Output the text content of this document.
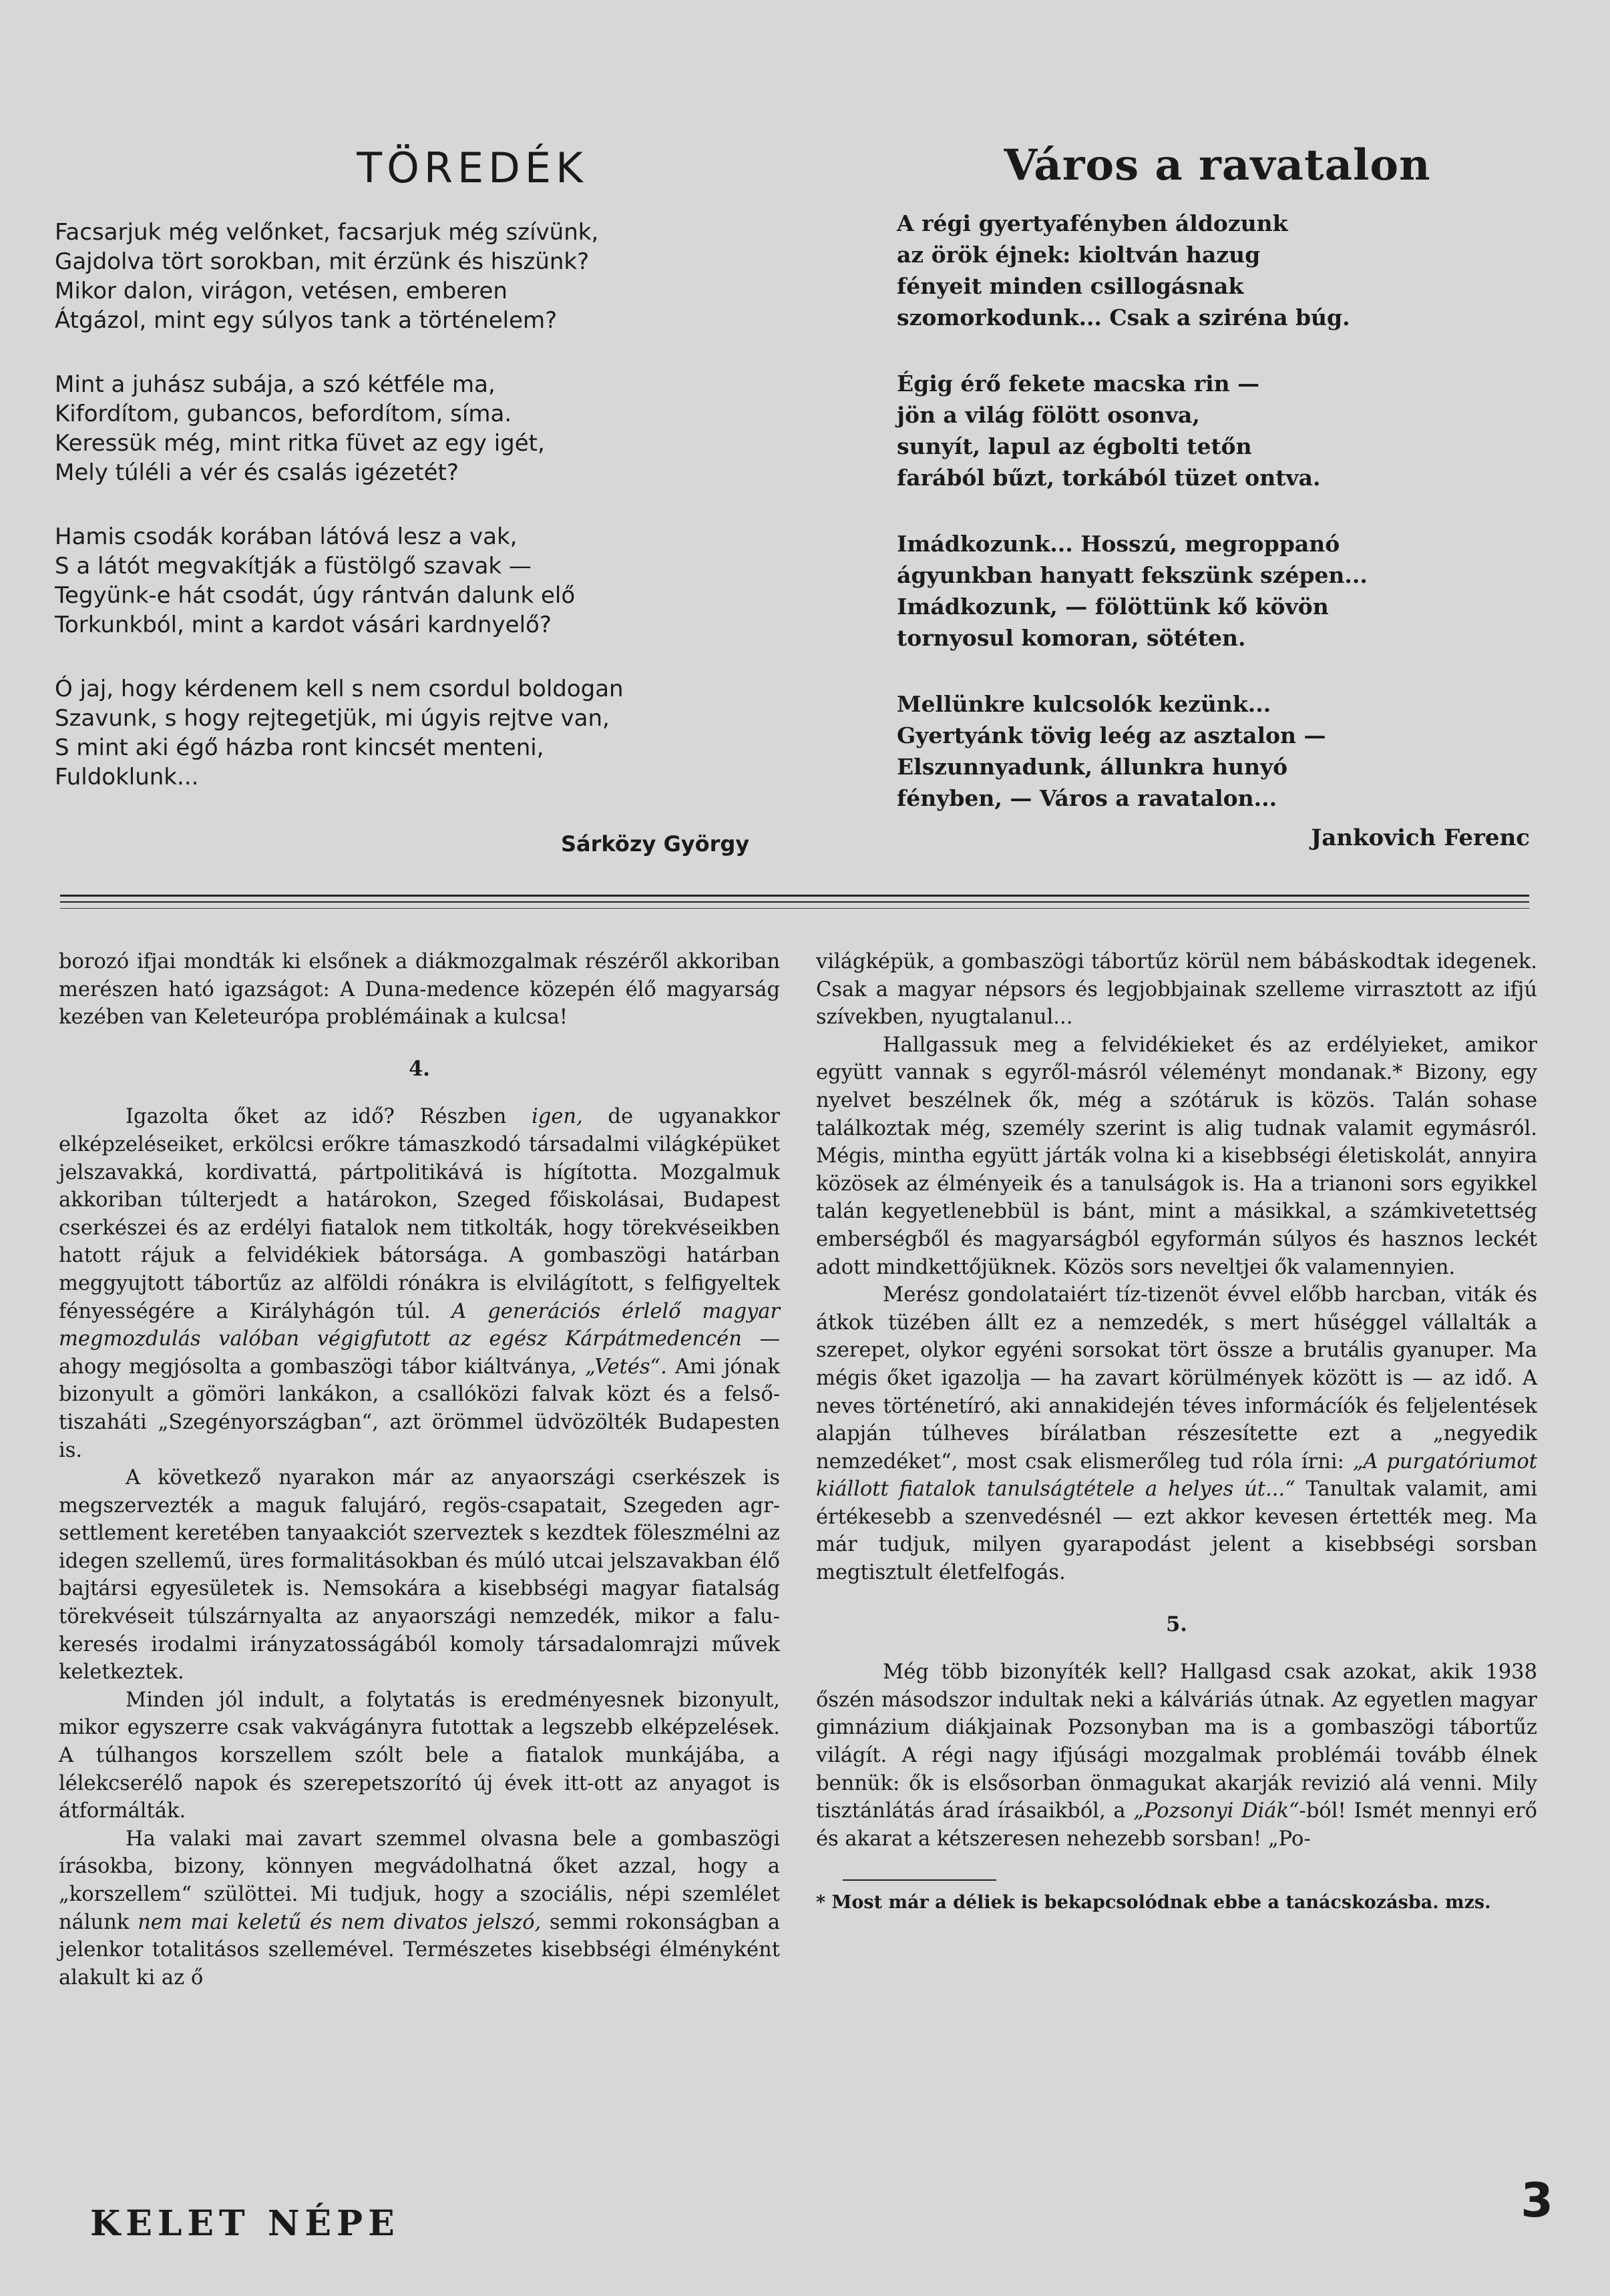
TÖREDÉK
Facsarjuk még velőnket, facsarjuk még szívünk,
Gajdolva tört sorokban, mit érzünk és hiszünk?
Mikor dalon, virágon, vetésen, emberen
Átgázol, mint egy súlyos tank a történelem?
Mint a juhász subája, a szó kétféle ma,
Kifordítom, gubancos, befordítom, síma.
Keressük még, mint ritka füvet az egy igét,
Mely túléli a vér és csalás igézetét?
Hamis csodák korában látóvá lesz a vak,
S a látót megvakítják a füstölgő szavak —
Tegyünk-e hát csodát, úgy rántván dalunk elő
Torkunkból, mint a kardot vásári kardnyelő?
Ó jaj, hogy kérdenem kell s nem csordul boldogan
Szavunk, s hogy rejtegetjük, mi úgyis rejtve van,
S mint aki égő házba ront kincsét menteni,
Fuldoklunk...
Sárközy György
Város a ravatalon
A régi gyertyafényben áldozunk
az örök éjnek: kioltván hazug
fényeit minden csillogásnak
szomorkodunk... Csak a sziréna búg.
Égig érő fekete macska rin —
jön a világ fölött osonva,
sunyít, lapul az égbolti tetőn
farából bűzt, torkából tüzet ontva.
Imádkozunk... Hosszú, megroppanó
ágyunkban hanyatt fekszünk szépen...
Imádkozunk, — fölöttünk kő kövön
tornyosul komoran, sötéten.
Mellünkre kulcsolók kezünk...
Gyertyánk tövig leég az asztalon —
Elszunnyadunk, állunkra hunyó
fényben, — Város a ravatalon...
Jankovich Ferenc

borozó ifjai mondták ki elsőnek a diákmozgalmak részéről akkoriban merészen ható igazságot: A Duna-medence közepén élő magyarság kezében van Keleteurópa problémáinak a kulcsa!

4.

Igazolta őket az idő? Részben igen, de ugyanakkor elképzeléseiket, erkölcsi erőkre támaszkodó társadalmi világképüket jelszavakká, kordivattá, pártpolitikává is hígította. Mozgalmuk akkoriban túlterjedt a határokon, Szeged főiskolásai, Budapest cserkészei és az erdélyi fiatalok nem titkolták, hogy törekvéseikben hatott rájuk a felvidékiek bátorsága. A gombaszögi határban meggyujtott tábortűz az alföldi rónákra is elvilágított, s felfigyeltek fényességére a Királyhágón túl. A generációs érlelő magyar megmozdulás valóban végigfutott az egész Kárpátmedencén — ahogy megjósolta a gombaszögi tábor kiáltványa, „Vetés“. Ami jónak bizonyult a gömöri lankákon, a csallóközi falvak közt és a felső-tiszaháti „Szegényországban“, azt örömmel üdvözölték Budapesten is.

A következő nyarakon már az anyaországi cserkészek is megszervezték a maguk falujáró, regös-csapatait, Szegeden agr-settlement keretében tanyaakciót szerveztek s kezdtek föleszmélni az idegen szellemű, üres formalitásokban és múló utcai jelszavakban élő bajtársi egyesületek is. Nemsokára a kisebbségi magyar fiatalság törekvéseit túlszárnyalta az anyaországi nemzedék, mikor a falu-keresés irodalmi irányzatosságából komoly társadalomrajzi művek keletkeztek.

Minden jól indult, a folytatás is eredményesnek bizonyult, mikor egyszerre csak vakvágányra futottak a legszebb elképzelések. A túlhangos korszellem szólt bele a fiatalok munkájába, a lélekcserélő napok és szerepetszorító új évek itt-ott az anyagot is átformálták.

Ha valaki mai zavart szemmel olvasna bele a gombaszögi írásokba, bizony, könnyen megvádolhatná őket azzal, hogy a „korszellem“ szülöttei. Mi tudjuk, hogy a szociális, népi szemlélet nálunk nem mai keletű és nem divatos jelszó, semmi rokonságban a jelenkor totalitásos szellemével. Természetes kisebbségi élményként alakult ki az ő

világképük, a gombaszögi tábortűz körül nem bábáskodtak idegenek. Csak a magyar népsors és legjobbjainak szelleme virrasztott az ifjú szívekben, nyugtalanul...

Hallgassuk meg a felvidékieket és az erdélyieket, amikor együtt vannak s egyről-másról véleményt mondanak.* Bizony, egy nyelvet beszélnek ők, még a szótáruk is közös. Talán sohase találkoztak még, személy szerint is alig tudnak valamit egymásról. Mégis, mintha együtt járták volna ki a kisebbségi életiskolát, annyira közösek az élményeik és a tanulságok is. Ha a trianoni sors egyikkel talán kegyetlenebbül is bánt, mint a másikkal, a számkivetettség emberségből és magyarságból egyformán súlyos és hasznos leckét adott mindkettőjüknek. Közös sors neveltjei ők valamennyien.

Merész gondolataiért tíz-tizenöt évvel előbb harcban, viták és átkok tüzében állt ez a nemzedék, s mert hűséggel vállalták a szerepet, olykor egyéni sorsokat tört össze a brutális gyanuper. Ma mégis őket igazolja — ha zavart körülmények között is — az idő. A neves történetíró, aki annakidején téves informácíók és feljelentések alapján túlheves bírálatban részesítette ezt a „negyedik nemzedéket“, most csak elismerőleg tud róla írni: „A purgatóriumot kiállott fiatalok tanulságtétele a helyes út...“ Tanultak valamit, ami értékesebb a szenvedésnél — ezt akkor kevesen értették meg. Ma már tudjuk, milyen gyarapodást jelent a kisebbségi sorsban megtisztult életfelfogás.

5.

Még több bizonyíték kell? Hallgasd csak azokat, akik 1938 őszén másodszor indultak neki a kálváriás útnak. Az egyetlen magyar gimnázium diákjainak Pozsonyban ma is a gombaszögi tábortűz világít. A régi nagy ifjúsági mozgalmak problémái tovább élnek bennük: ők is elsősorban önmagukat akarják revizió alá venni. Mily tisztánlátás árad írásaikból, a „Pozsonyi Diák“-ból! Ismét mennyi erő és akarat a kétszeresen nehezebb sorsban! „Po-

* Most már a déliek is bekapcsolódnak ebbe a tanácskozásba. mzs.

KELET NÉPE	3
